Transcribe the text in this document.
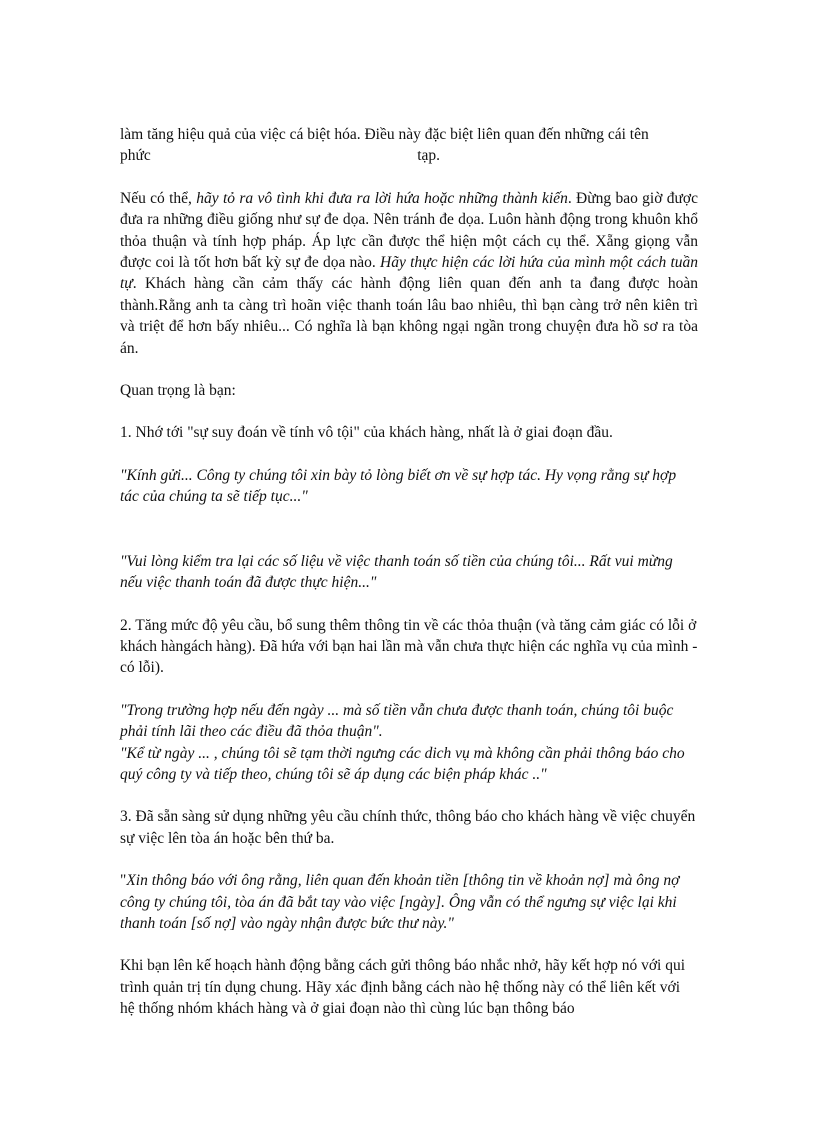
làm tăng hiệu quả của việc cá biệt hóa. Điều này đặc biệt liên quan đến những cái tên

phức	tạp.

Nếu có thể, hãy tỏ ra vô tình khi đưa ra lời hứa hoặc những thành kiến. Đừng bao giờ được đưa ra những điều giống như sự đe dọa. Nên tránh đe dọa. Luôn hành động trong khuôn khổ thỏa thuận và tính hợp pháp. Áp lực cần được thể hiện một cách cụ thể. Xẵng giọng vẫn được coi là tốt hơn bất kỳ sự đe dọa nào. Hãy thực hiện các lời hứa của mình một cách tuần tự. Khách hàng cần cảm thấy các hành động liên quan đến anh ta đang được hoàn thành.Rằng anh ta càng trì hoãn việc thanh toán lâu bao nhiêu, thì bạn càng trở nên kiên trì và triệt để hơn bấy nhiêu... Có nghĩa là bạn không ngại ngần trong chuyện đưa hồ sơ ra tòa án.

Quan trọng là bạn:

1. Nhớ tới "sự suy đoán về tính vô tội" của khách hàng, nhất là ở giai đoạn đầu.

"Kính gửi... Công ty chúng tôi xin bày tỏ lòng biết ơn về sự hợp tác. Hy vọng rằng sự hợp tác của chúng ta sẽ tiếp tục..."

"Vui lòng kiểm tra lại các số liệu về việc thanh toán số tiền của chúng tôi... Rất vui mừng nếu việc thanh toán đã được thực hiện..."

2. Tăng mức độ yêu cầu, bổ sung thêm thông tin về các thỏa thuận (và tăng cảm giác có lỗi ở khách hàngách hàng). Đã hứa với bạn hai lần mà vẫn chưa thực hiện các nghĩa vụ của mình - có lỗi).

"Trong trường hợp nếu đến ngày ... mà số tiền vẫn chưa được thanh toán, chúng tôi buộc phải tính lãi theo các điều đã thỏa thuận".

"Kể từ ngày ... , chúng tôi sẽ tạm thời ngưng các dich vụ mà không cần phải thông báo cho quý công ty và tiếp theo, chúng tôi sẽ áp dụng các biện pháp khác .."

3. Đã sẵn sàng sử dụng những yêu cầu chính thức, thông báo cho khách hàng về việc chuyển sự việc lên tòa án hoặc bên thứ ba.

"Xin thông báo với ông rằng, liên quan đến khoản tiền [thông tin về khoản nợ] mà ông nợ công ty chúng tôi, tòa án đã bắt tay vào việc [ngày]. Ông vẫn có thể ngưng sự việc lại khi thanh toán [số nợ] vào ngày nhận được bức thư này."

Khi bạn lên kế hoạch hành động bằng cách gửi thông báo nhắc nhở, hãy kết hợp nó với qui trình quản trị tín dụng chung. Hãy xác định bằng cách nào hệ thống này có thể liên kết với hệ thống nhóm khách hàng và ở giai đoạn nào thì cùng lúc bạn thông báo
